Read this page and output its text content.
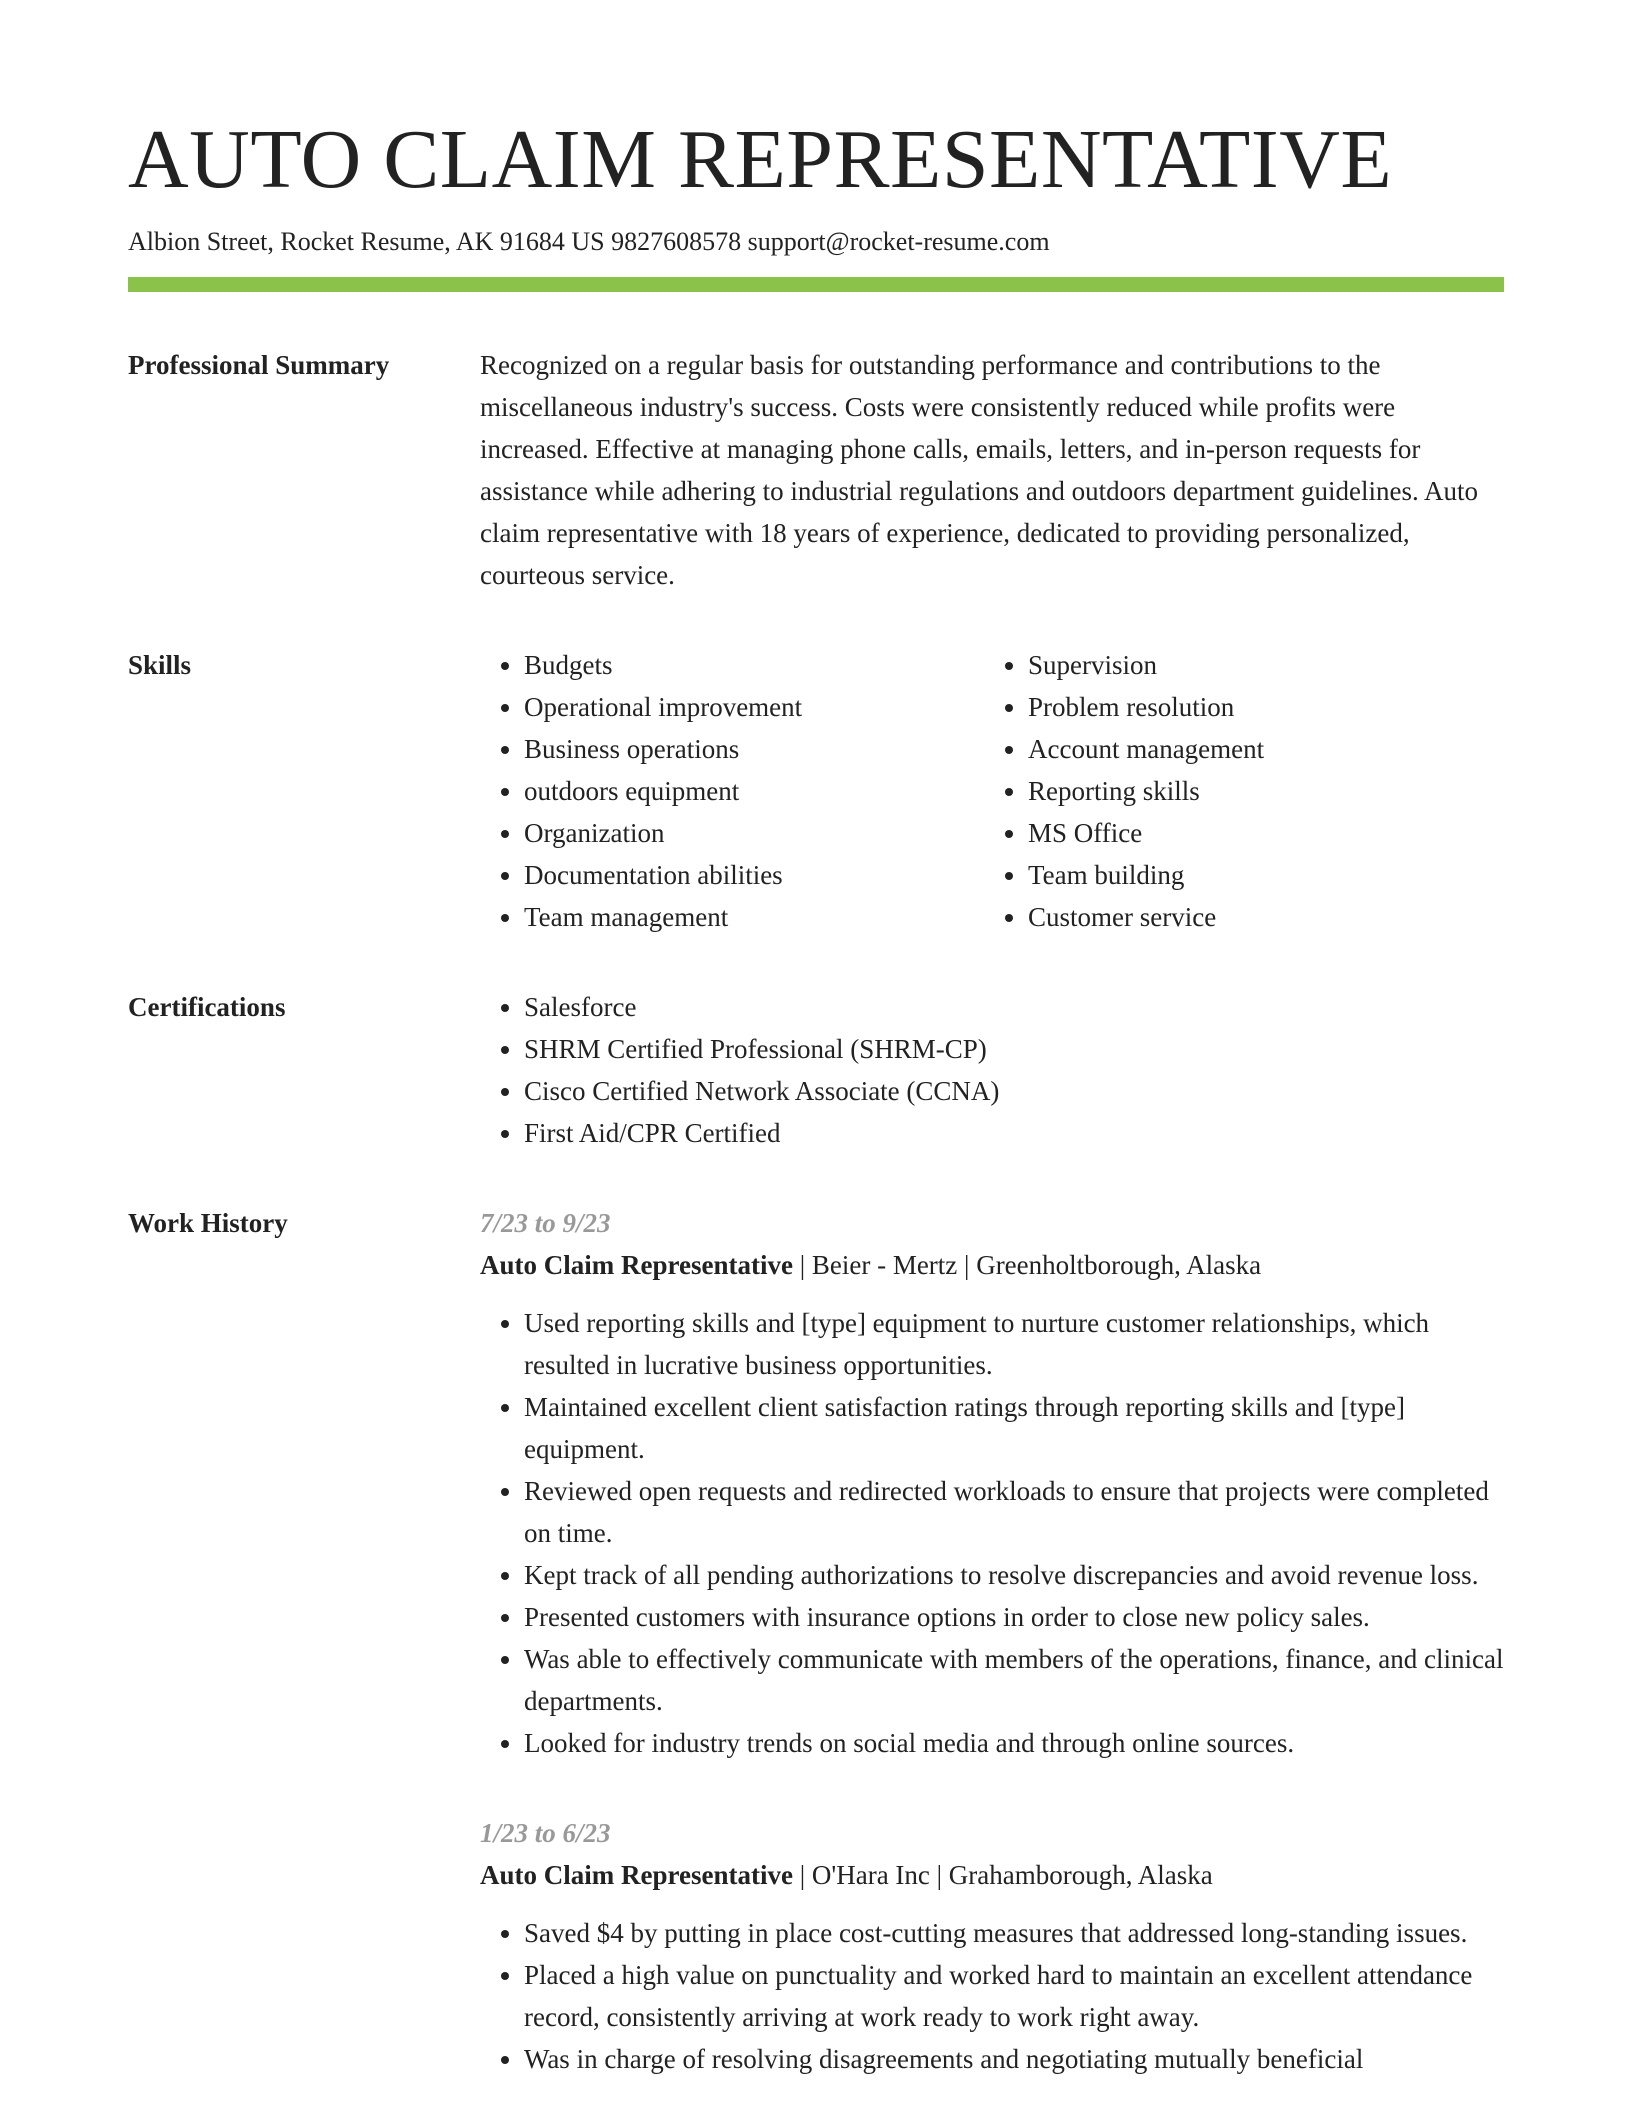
AUTO CLAIM REPRESENTATIVE
Albion Street, Rocket Resume, AK 91684 US 9827608578 support@rocket-resume.com
Professional Summary	Recognized on a regular basis for outstanding performance and contributions to the miscellaneous industry's success. Costs were consistently reduced while profits were increased. Effective at managing phone calls, emails, letters, and in-person requests for assistance while adhering to industrial regulations and outdoors department guidelines. Auto claim representative with 18 years of experience, dedicated to providing personalized, courteous service.

Skills	• Budgets
• Operational improvement
• Business operations
• outdoors equipment
• Organization
• Documentation abilities
• Team management
• Supervision
• Problem resolution
• Account management
• Reporting skills
• MS Office
• Team building
• Customer service
Certifications	• Salesforce
• SHRM Certified Professional (SHRM-CP)
• Cisco Certified Network Associate (CCNA)
• First Aid/CPR Certified
Work History	7/23 to 9/23
Auto Claim Representative | Beier - Mertz | Greenholtborough, Alaska
• Used reporting skills and [type] equipment to nurture customer relationships, which resulted in lucrative business opportunities.
• Maintained excellent client satisfaction ratings through reporting skills and [type] equipment.
• Reviewed open requests and redirected workloads to ensure that projects were completed on time.
• Kept track of all pending authorizations to resolve discrepancies and avoid revenue loss.
• Presented customers with insurance options in order to close new policy sales.
• Was able to effectively communicate with members of the operations, finance, and clinical departments.
• Looked for industry trends on social media and through online sources.
1/23 to 6/23
Auto Claim Representative | O'Hara Inc | Grahamborough, Alaska
• Saved $4 by putting in place cost-cutting measures that addressed long-standing issues.
• Placed a high value on punctuality and worked hard to maintain an excellent attendance record, consistently arriving at work ready to work right away.
• Was in charge of resolving disagreements and negotiating mutually beneficial
